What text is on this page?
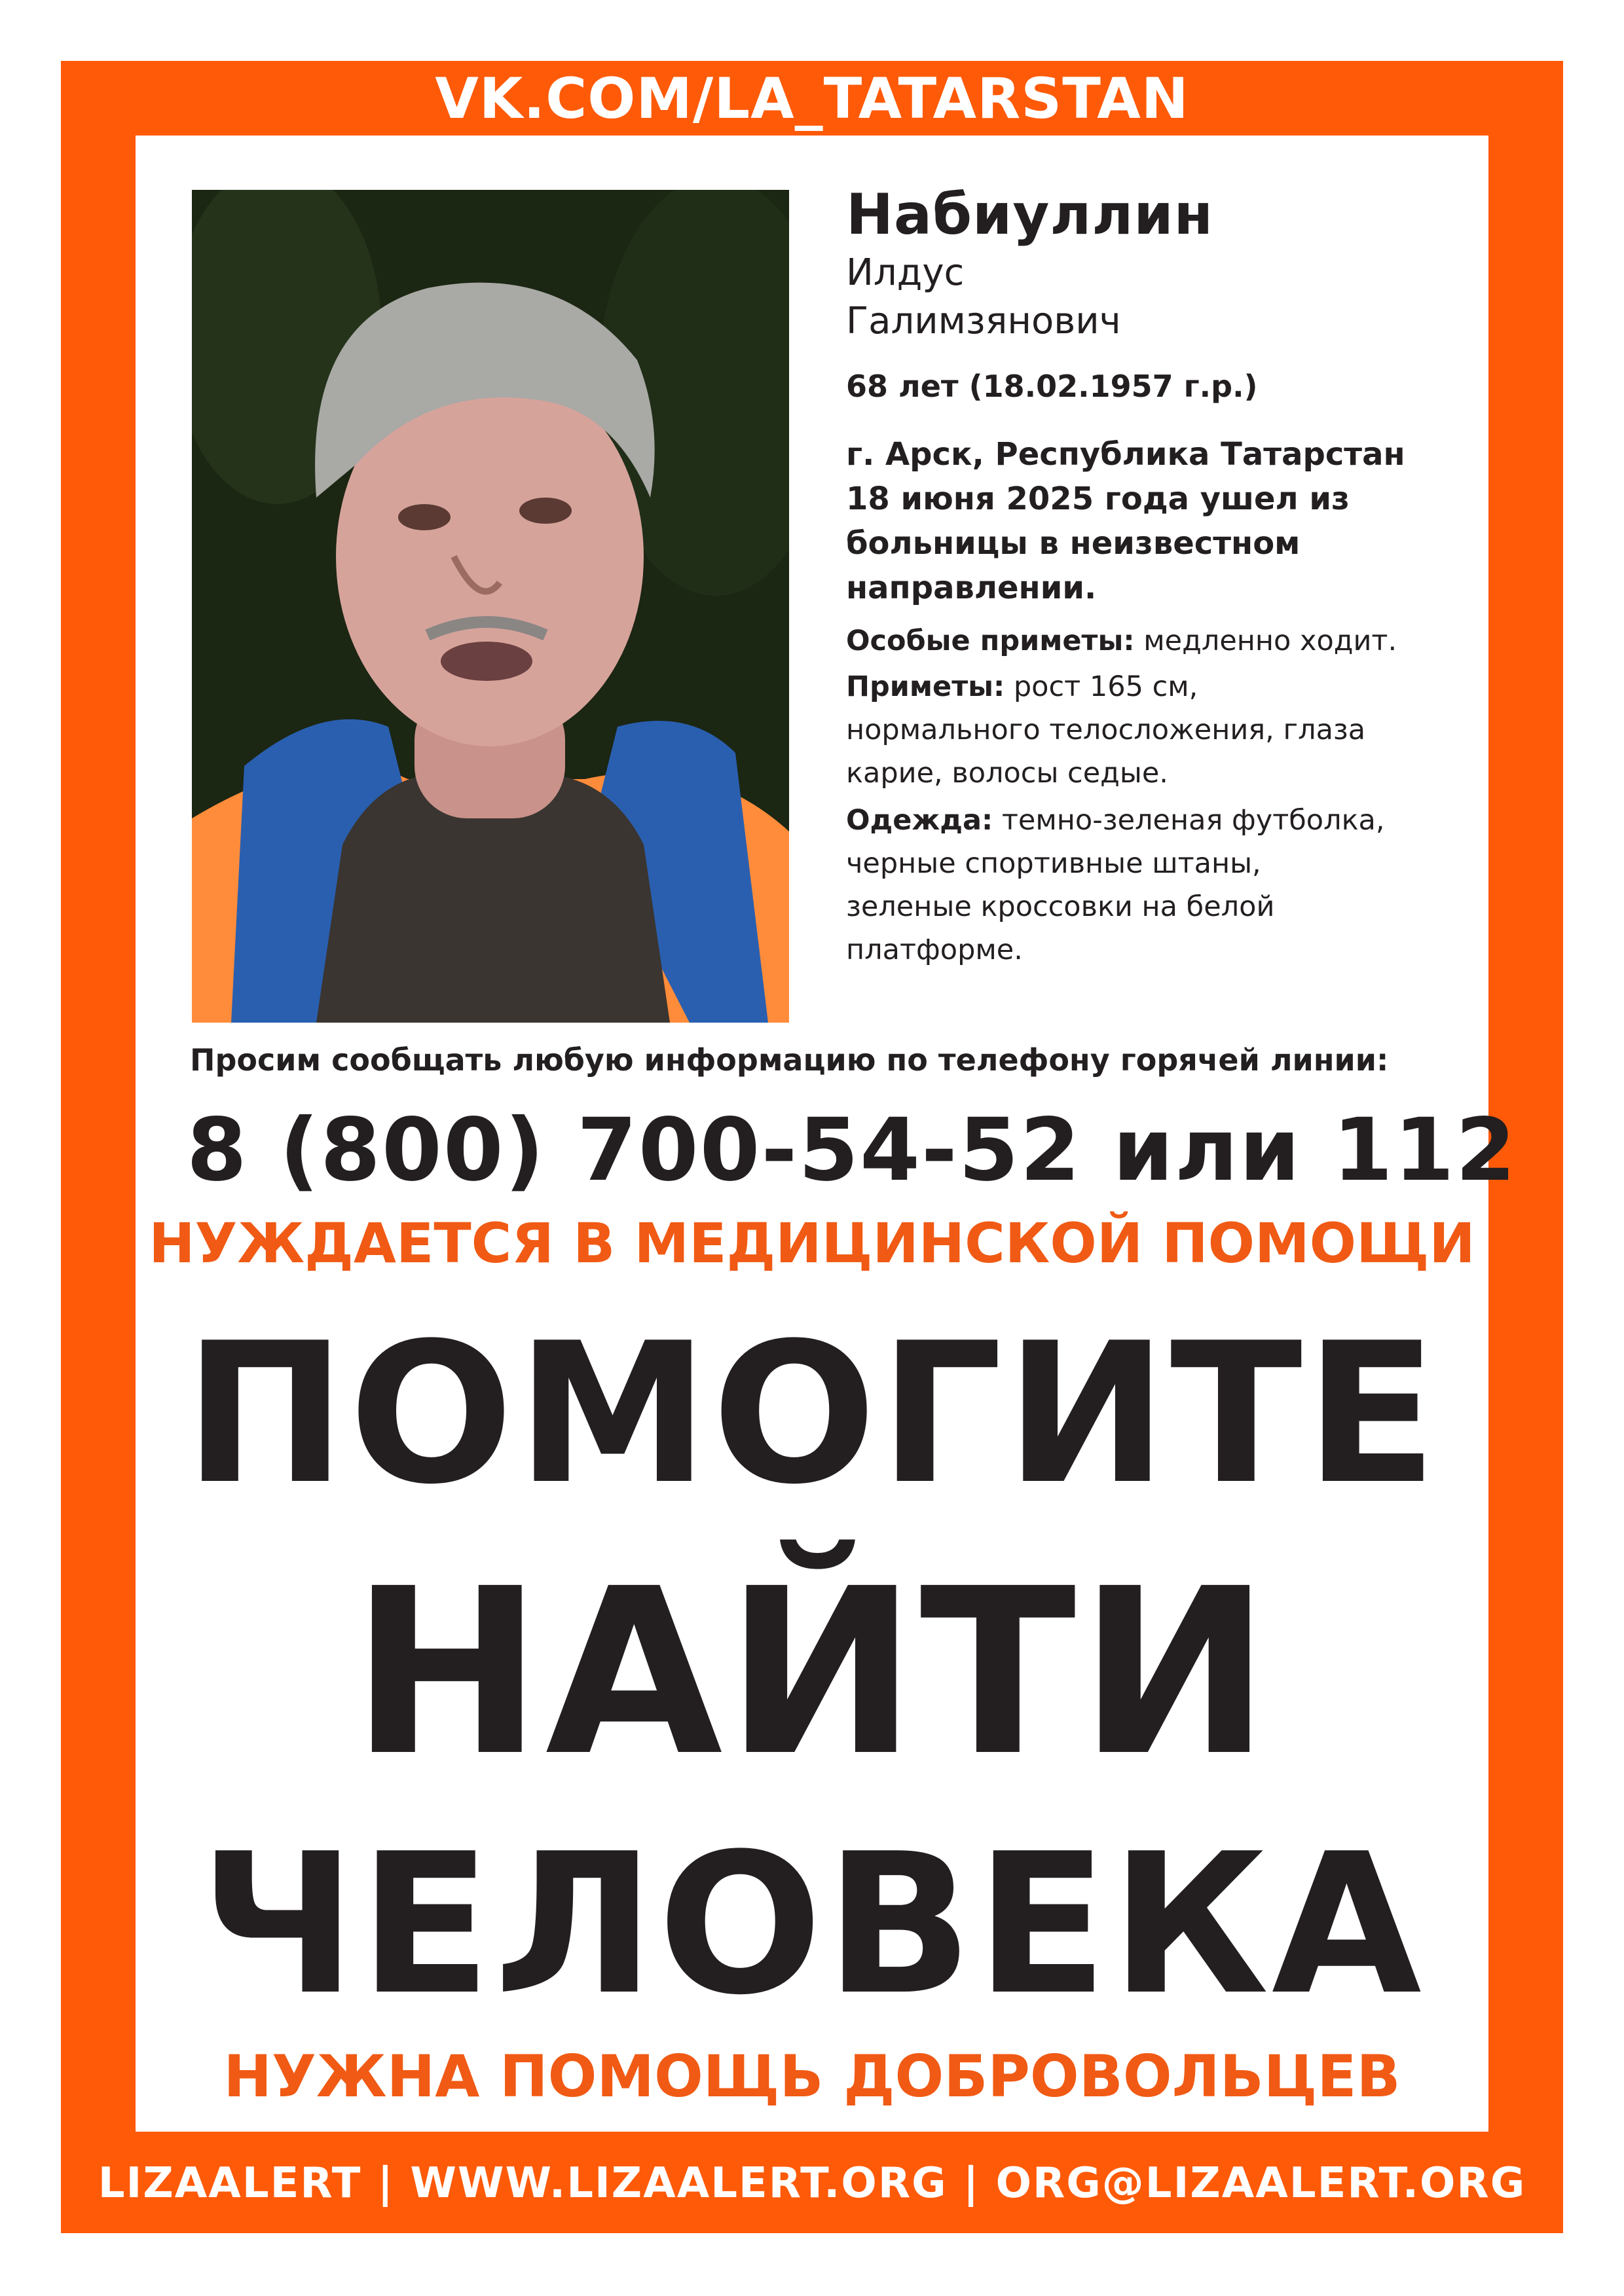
VK.COM/LA_TATARSTAN
Набиуллин
Илдус
Галимзянович
68 лет (18.02.1957 г.р.)
г. Арск, Республика Татарстан
18 июня 2025 года ушел из
больницы в неизвестном
направлении.
Особые приметы: медленно ходит.
Приметы: рост 165 см,
нормального телосложения, глаза
карие, волосы седые.
Одежда: темно-зеленая футболка,
черные спортивные штаны,
зеленые кроссовки на белой
платформе.
Просим сообщать любую информацию по телефону горячей линии:
8 (800) 700-54-52 или 112
НУЖДАЕТСЯ В МЕДИЦИНСКОЙ ПОМОЩИ
ПОМОГИТЕ
НАЙТИ
ЧЕЛОВЕКА
НУЖНА ПОМОЩЬ ДОБРОВОЛЬЦЕВ
LIZAALERT | WWW.LIZAALERT.ORG | ORG@LIZAALERT.ORG
